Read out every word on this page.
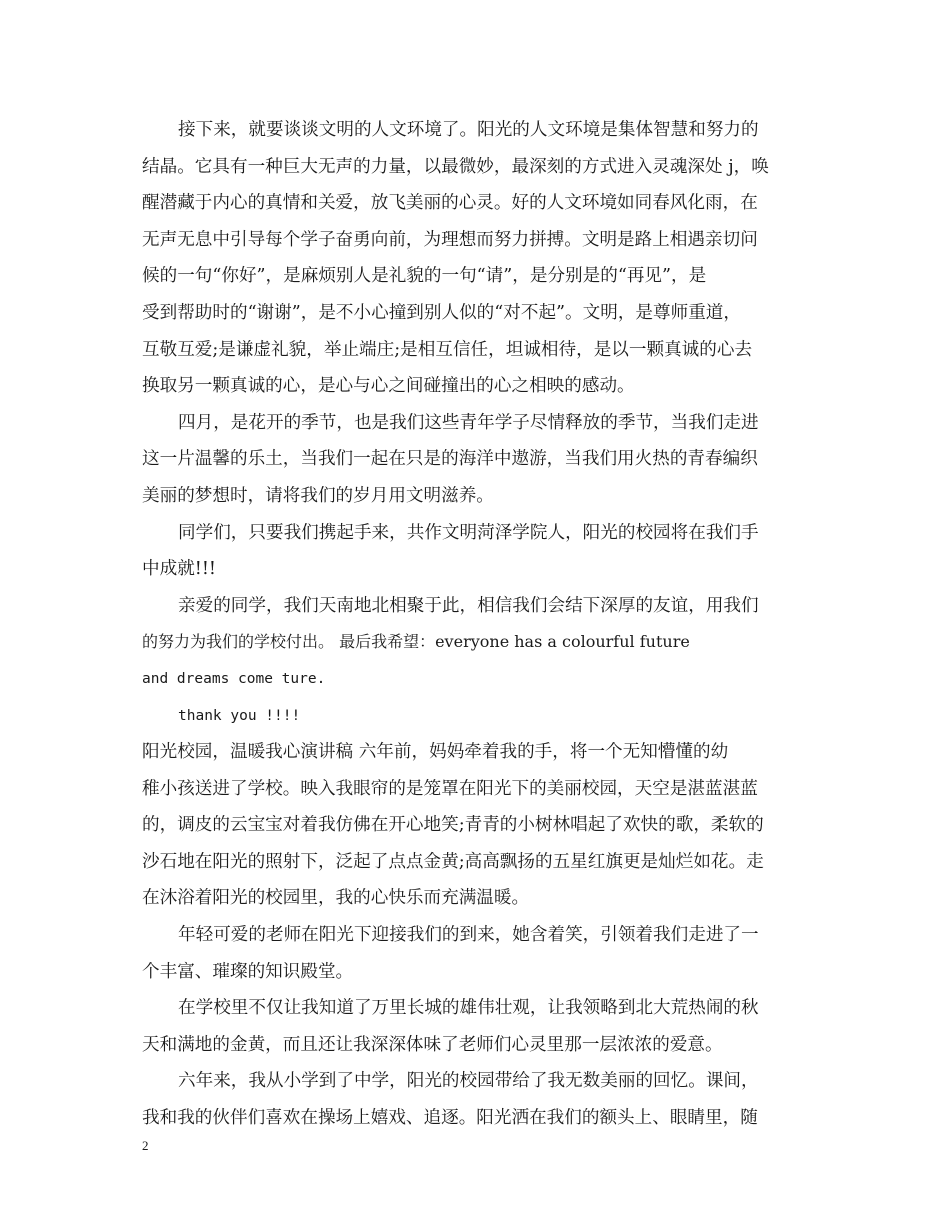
接下来，就要谈谈文明的人文环境了。阳光的人文环境是集体智慧和努力的
结晶。它具有一种巨大无声的力量，以最微妙，最深刻的方式进入灵魂深处 j，唤
醒潜藏于内心的真情和关爱，放飞美丽的心灵。好的人文环境如同春风化雨，在
无声无息中引导每个学子奋勇向前，为理想而努力拼搏。文明是路上相遇亲切问
候的一句“你好”，是麻烦别人是礼貌的一句“请”，是分别是的“再见”，是
受到帮助时的“谢谢”，是不小心撞到别人似的“对不起”。文明，是尊师重道，
互敬互爱;是谦虚礼貌，举止端庄;是相互信任，坦诚相待，是以一颗真诚的心去
换取另一颗真诚的心，是心与心之间碰撞出的心之相映的感动。
四月，是花开的季节，也是我们这些青年学子尽情释放的季节，当我们走进
这一片温馨的乐土，当我们一起在只是的海洋中遨游，当我们用火热的青春编织
美丽的梦想时，请将我们的岁月用文明滋养。
同学们，只要我们携起手来，共作文明菏泽学院人，阳光的校园将在我们手
中成就!!!
亲爱的同学，我们天南地北相聚于此，相信我们会结下深厚的友谊，用我们
的努力为我们的学校付出。 最后我希望：everyone has a colourful future
and dreams come ture.
thank you !!!!
阳光校园，温暖我心演讲稿 六年前，妈妈牵着我的手，将一个无知懵懂的幼
稚小孩送进了学校。映入我眼帘的是笼罩在阳光下的美丽校园，天空是湛蓝湛蓝
的，调皮的云宝宝对着我仿佛在开心地笑;青青的小树林唱起了欢快的歌，柔软的
沙石地在阳光的照射下，泛起了点点金黄;高高飘扬的五星红旗更是灿烂如花。走
在沐浴着阳光的校园里，我的心快乐而充满温暖。
年轻可爱的老师在阳光下迎接我们的到来，她含着笑，引领着我们走进了一
个丰富、璀璨的知识殿堂。
在学校里不仅让我知道了万里长城的雄伟壮观，让我领略到北大荒热闹的秋
天和满地的金黄，而且还让我深深体味了老师们心灵里那一层浓浓的爱意。
六年来，我从小学到了中学，阳光的校园带给了我无数美丽的回忆。课间，
我和我的伙伴们喜欢在操场上嬉戏、追逐。阳光洒在我们的额头上、眼睛里，随
2
